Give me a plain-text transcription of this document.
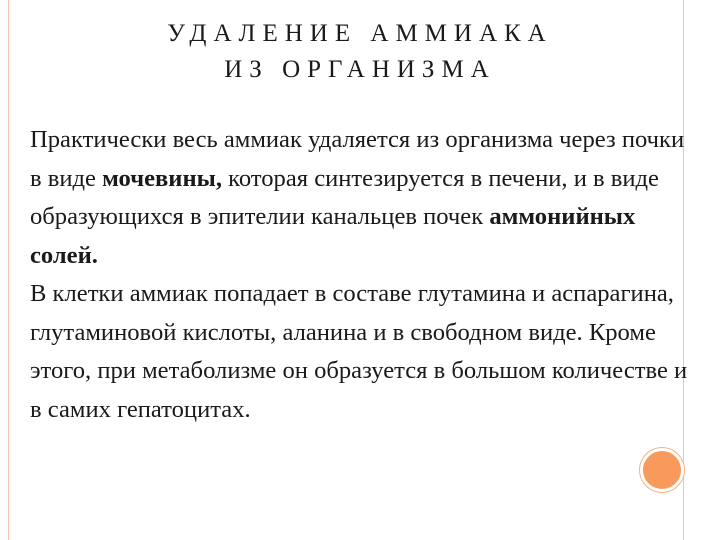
УДАЛЕНИЕ АММИАКА
ИЗ ОРГАНИЗМА

Практически весь аммиак удаляется из организма через почки в виде мочевины, которая синтезируется в печени, и в виде образующихся в эпителии канальцев почек аммонийных солей.

В клетки аммиак попадает в составе глутамина и аспарагина, глутаминовой кислоты, аланина и в свободном виде. Кроме этого, при метаболизме он образуется в большом количестве и в самих гепатоцитах.
